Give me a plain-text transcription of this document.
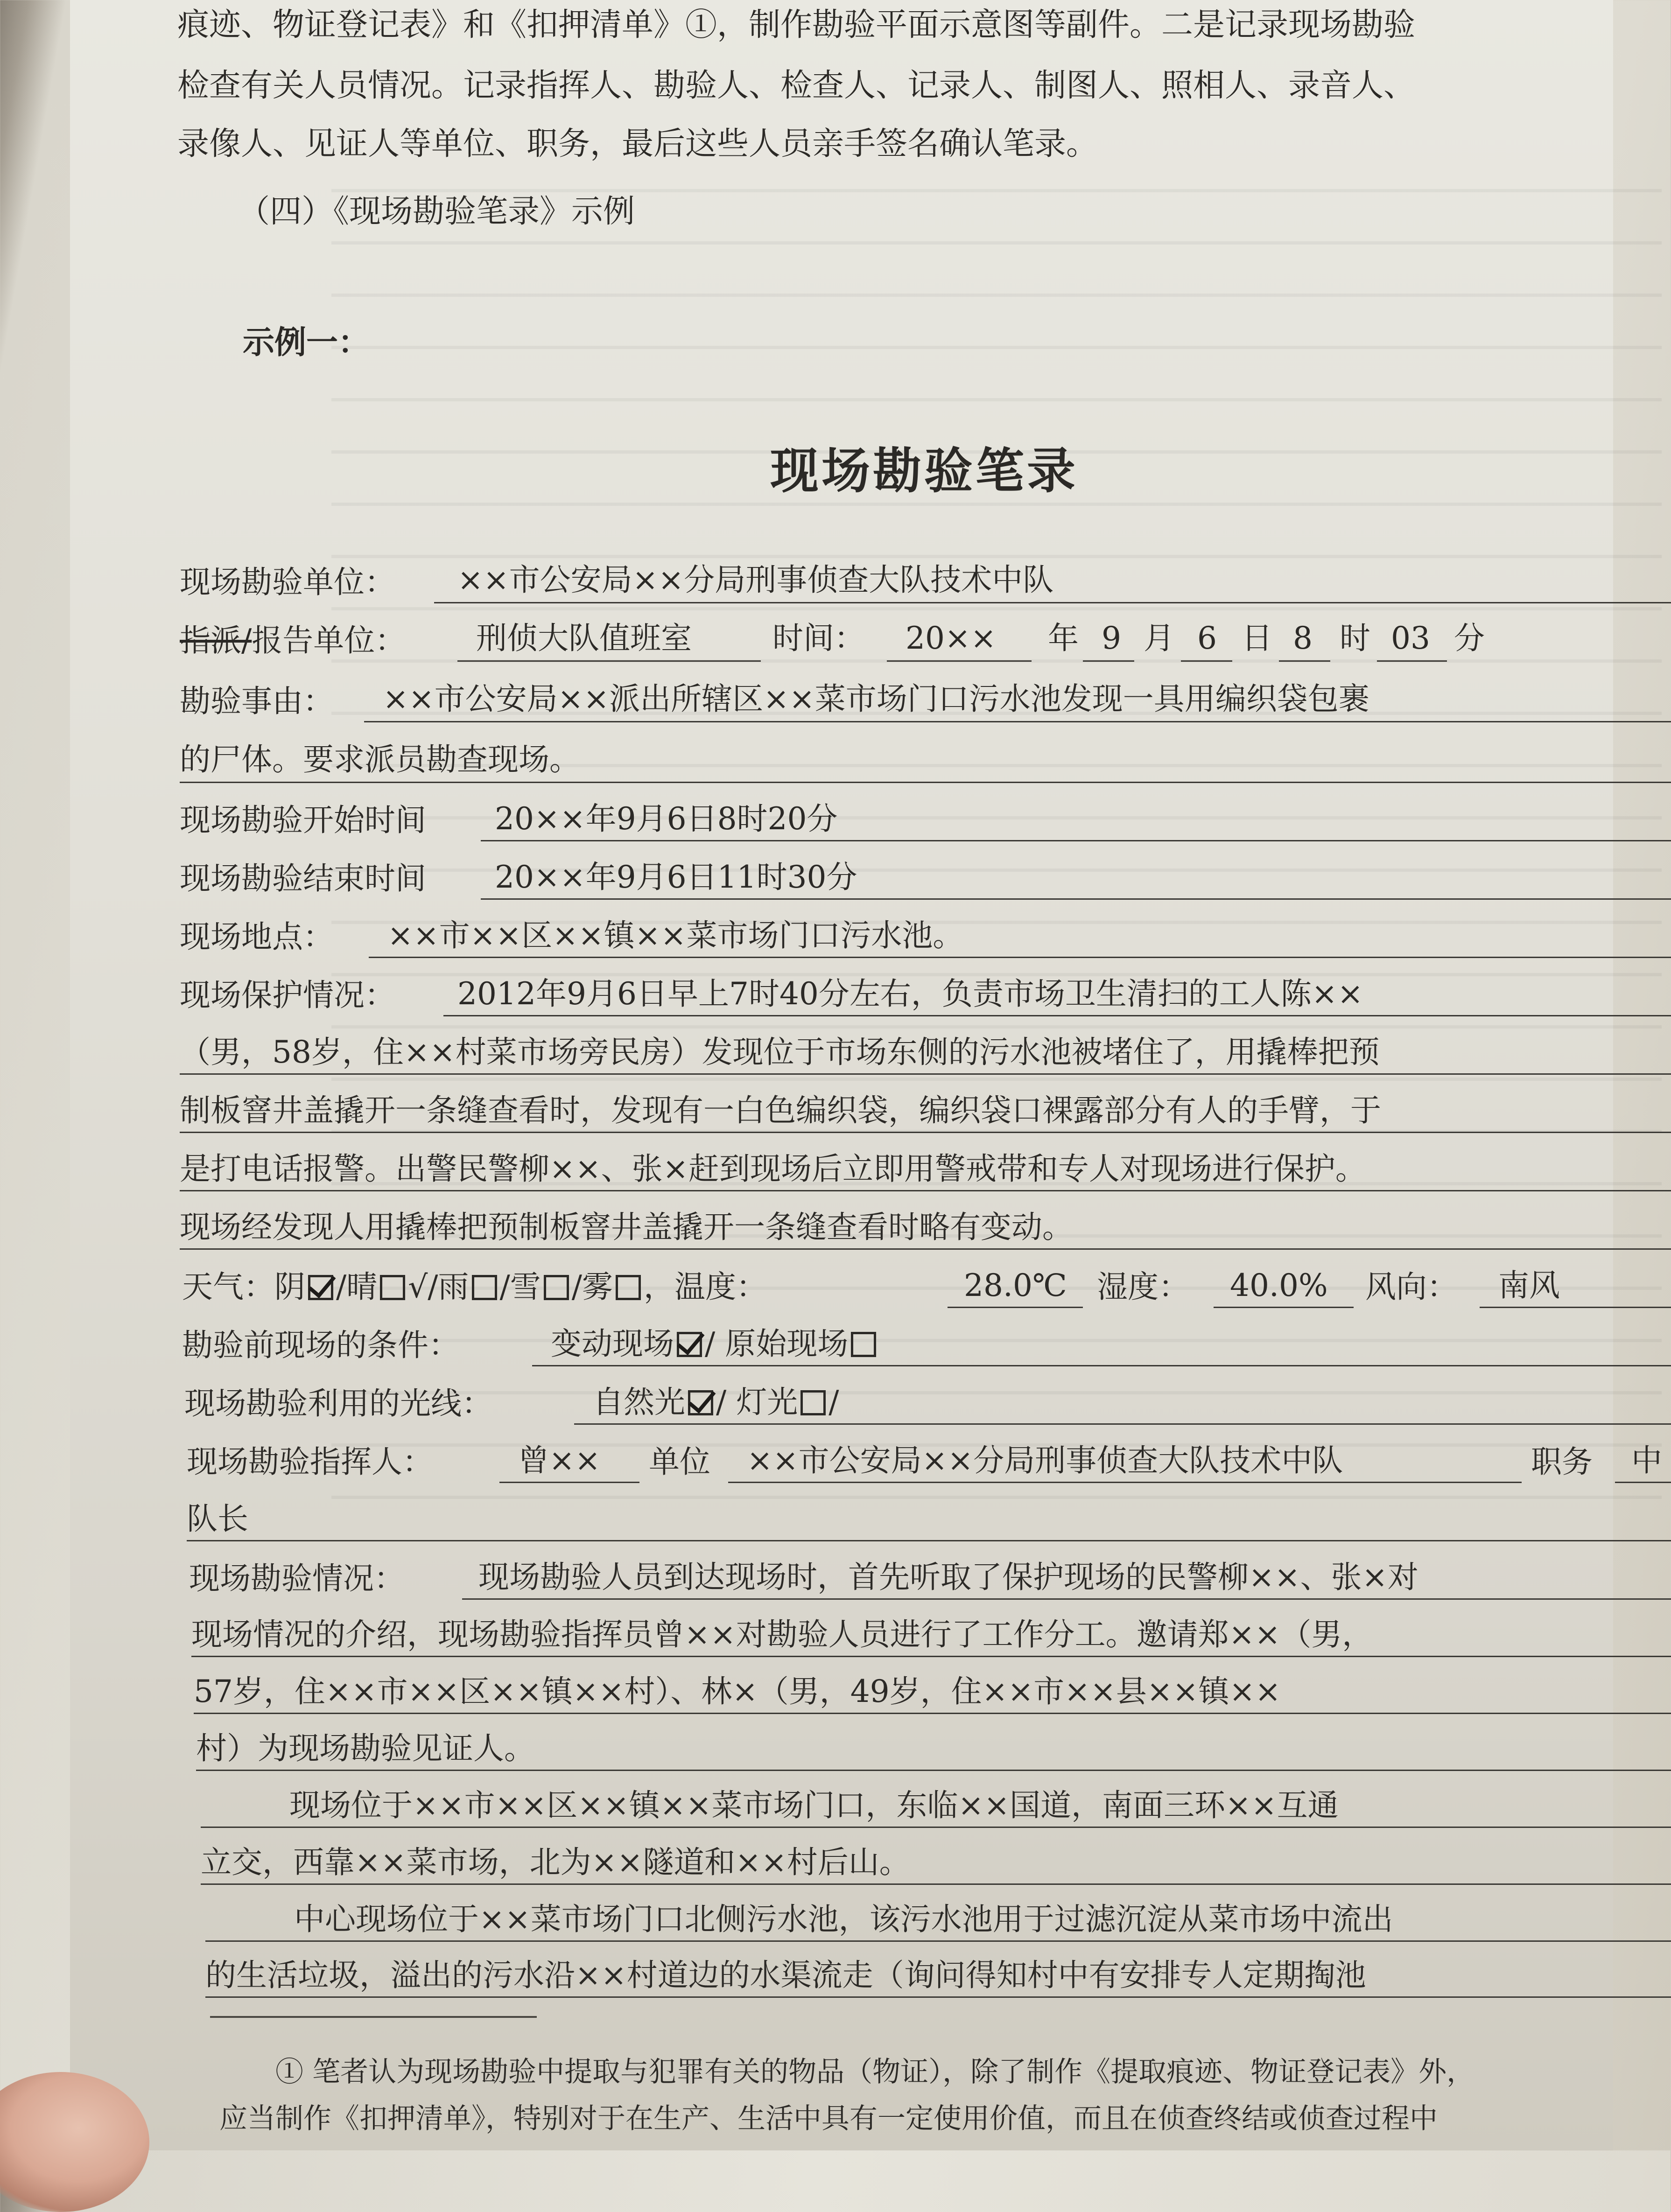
痕迹、物证登记表》和《扣押清单》①，制作勘验平面示意图等副件。二是记录现场勘验
检查有关人员情况。记录指挥人、勘验人、检查人、记录人、制图人、照相人、录音人、
录像人、见证人等单位、职务，最后这些人员亲手签名确认笔录。
（四）《现场勘验笔录》示例
示例一：
现场勘验笔录
现场勘验单位： ××市公安局××分局刑事侦查大队技术中队
指派/报告单位： 刑侦大队值班室	时间： 20×× 年 9 月 6 日 8 时 03 分
勘验事由： ××市公安局××派出所辖区××菜市场门口污水池发现一具用编织袋包裹
的尸体。要求派员勘查现场。
现场勘验开始时间 20××年9月6日8时20分
现场勘验结束时间 20××年9月6日11时30分
现场地点： ××市××区××镇××菜市场门口污水池。
现场保护情况： 2012年9月6日早上7时40分左右，负责市场卫生清扫的工人陈××
（男，58岁，住××村菜市场旁民房）发现位于市场东侧的污水池被堵住了，用撬棒把预
制板窨井盖撬开一条缝查看时，发现有一白色编织袋，编织袋口裸露部分有人的手臂，于
是打电话报警。出警民警柳××、张×赶到现场后立即用警戒带和专人对现场进行保护。
现场经发现人用撬棒把预制板窨井盖撬开一条缝查看时略有变动。
天气：阴 /晴 √/雨 /雪 /雾 ，温度：	28.0℃ 湿度： 40.0% 风向： 南风
勘验前现场的条件：	变动现场 / 原始现场
现场勘验利用的光线：	自然光 / 灯光 /
现场勘验指挥人：	曾×× 单位 ××市公安局××分局刑事侦查大队技术中队	职务 中
队长
现场勘验情况： 现场勘验人员到达现场时，首先听取了保护现场的民警柳××、张×对
现场情况的介绍，现场勘验指挥员曾××对勘验人员进行了工作分工。邀请郑××（男，
57岁，住××市××区××镇××村）、林×（男，49岁，住××市××县××镇××
村）为现场勘验见证人。
现场位于××市××区××镇××菜市场门口，东临××国道，南面三环××互通
立交，西靠××菜市场，北为××隧道和××村后山。
中心现场位于××菜市场门口北侧污水池，该污水池用于过滤沉淀从菜市场中流出
的生活垃圾，溢出的污水沿××村道边的水渠流走（询问得知村中有安排专人定期掏池
① 笔者认为现场勘验中提取与犯罪有关的物品（物证），除了制作《提取痕迹、物证登记表》外，
应当制作《扣押清单》，特别对于在生产、生活中具有一定使用价值，而且在侦查终结或侦查过程中
